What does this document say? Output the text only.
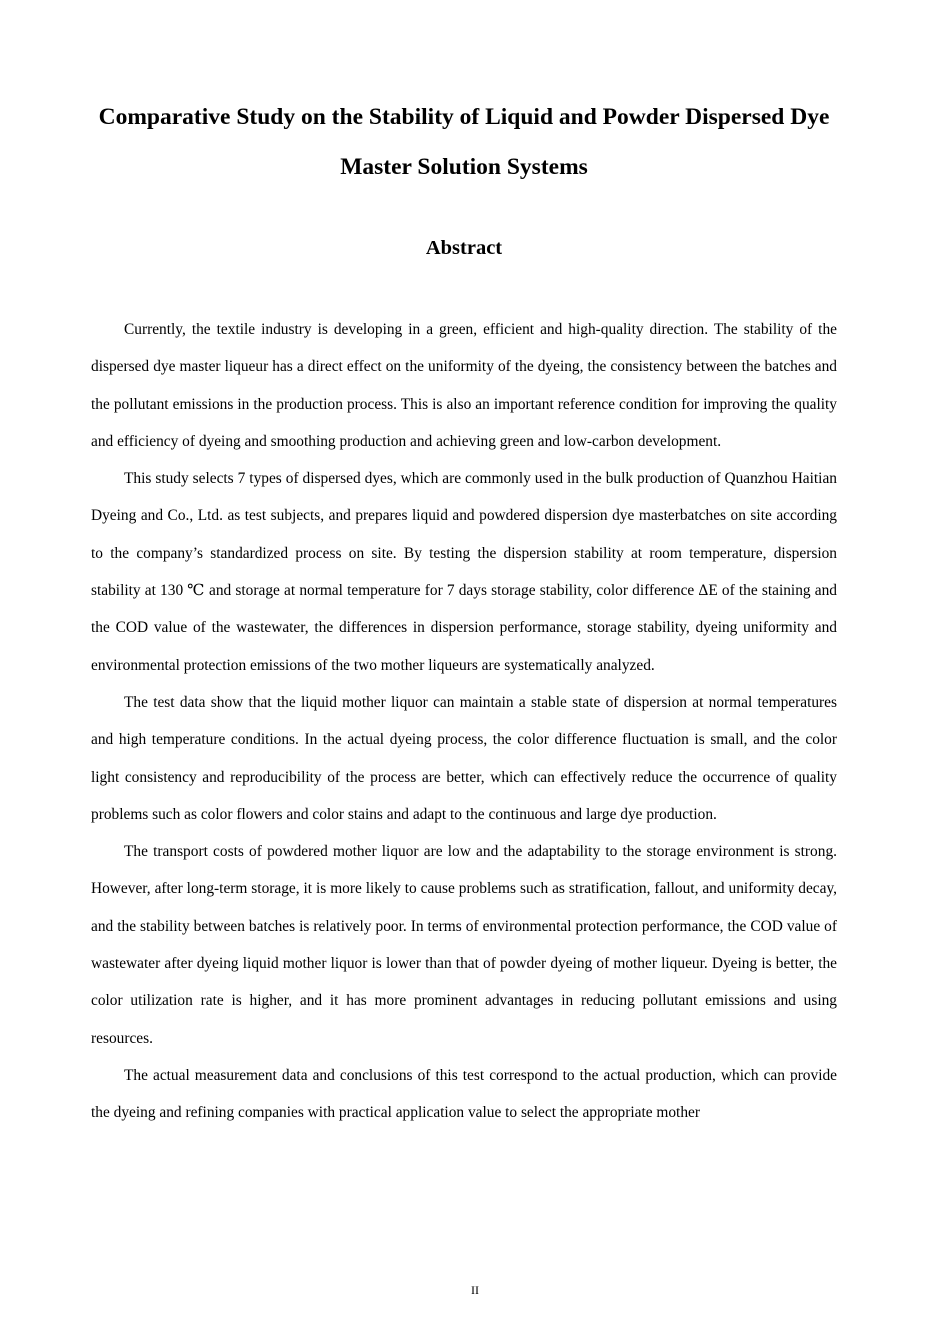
Comparative Study on the Stability of Liquid and Powder Dispersed Dye
Master Solution Systems
Abstract

Currently, the textile industry is developing in a green, efficient and high-quality direction. The stability of the dispersed dye master liqueur has a direct effect on the uniformity of the dyeing, the consistency between the batches and the pollutant emissions in the production process. This is also an important reference condition for improving the quality and efficiency of dyeing and smoothing production and achieving green and low-carbon development.

This study selects 7 types of dispersed dyes, which are commonly used in the bulk production of Quanzhou Haitian Dyeing and Co., Ltd. as test subjects, and prepares liquid and powdered dispersion dye masterbatches on site according to the company’s standardized process on site. By testing the dispersion stability at room temperature, dispersion stability at 130 ℃ and storage at normal temperature for 7 days storage stability, color difference ΔE of the staining and the COD value of the wastewater, the differences in dispersion performance, storage stability, dyeing uniformity and environmental protection emissions of the two mother liqueurs are systematically analyzed.

The test data show that the liquid mother liquor can maintain a stable state of dispersion at normal temperatures and high temperature conditions. In the actual dyeing process, the color difference fluctuation is small, and the color light consistency and reproducibility of the process are better, which can effectively reduce the occurrence of quality problems such as color flowers and color stains and adapt to the continuous and large dye production.

The transport costs of powdered mother liquor are low and the adaptability to the storage environment is strong. However, after long-term storage, it is more likely to cause problems such as stratification, fallout, and uniformity decay, and the stability between batches is relatively poor. In terms of environmental protection performance, the COD value of wastewater after dyeing liquid mother liquor is lower than that of powder dyeing of mother liqueur. Dyeing is better, the color utilization rate is higher, and it has more prominent advantages in reducing pollutant emissions and using resources.

The actual measurement data and conclusions of this test correspond to the actual production, which can provide the dyeing and refining companies with practical application value to select the appropriate mother

II
